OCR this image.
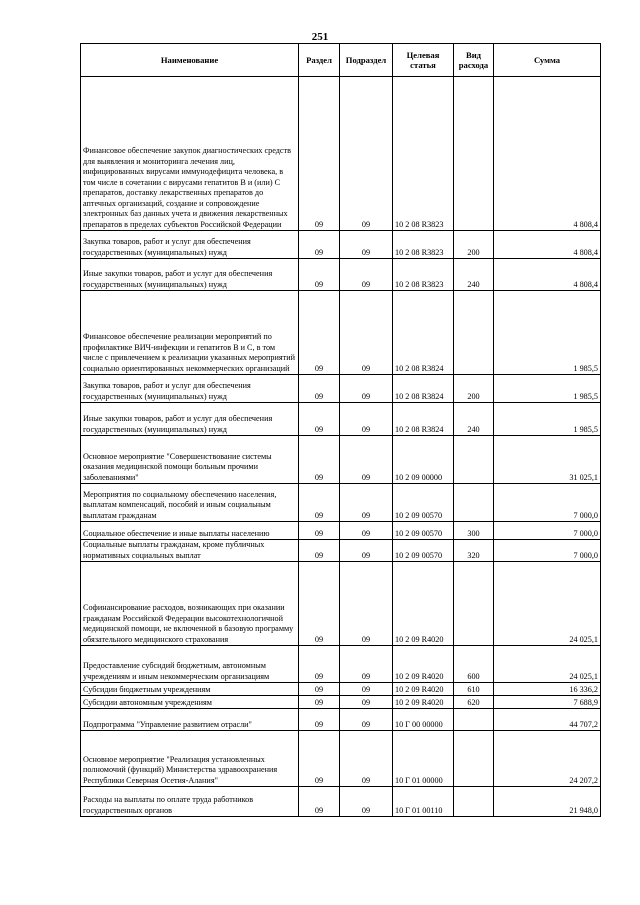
251
Наименование	Раздел	Подраздел	Целевая статья	Вид расхода	Сумма
Финансовое обеспечение закупок диагностических средств для выявления и мониторинга лечения лиц, инфицированных вирусами иммунодефицита человека, в том числе в сочетании с вирусами гепатитов В и (или) С препаратов, доставку лекарственных препаратов до аптечных организаций, создание и сопровождение электронных баз данных учета и движения лекарственных препаратов в пределах субъектов Российской Федерации	09	09	10 2 08 R3823		4 808,4
Закупка товаров, работ и услуг для обеспечения государственных (муниципальных) нужд	09	09	10 2 08 R3823	200	4 808,4
Иные закупки товаров, работ и услуг для обеспечения государственных (муниципальных) нужд	09	09	10 2 08 R3823	240	4 808,4
Финансовое обеспечение реализации мероприятий по профилактике ВИЧ-инфекции и гепатитов В и С, в том числе с привлечением к реализации указанных мероприятий социально ориентированных некоммерческих организаций	09	09	10 2 08 R3824		1 985,5
Закупка товаров, работ и услуг для обеспечения государственных (муниципальных) нужд	09	09	10 2 08 R3824	200	1 985,5
Иные закупки товаров, работ и услуг для обеспечения государственных (муниципальных) нужд	09	09	10 2 08 R3824	240	1 985,5
Основное мероприятие "Совершенствование системы оказания медицинской помощи больным прочими заболеваниями"	09	09	10 2 09 00000		31 025,1
Мероприятия по социальному обеспечению населения, выплатам компенсаций, пособий и иным социальным выплатам гражданам	09	09	10 2 09 00570		7 000,0
Социальное обеспечение и иные выплаты населению	09	09	10 2 09 00570	300	7 000,0
Социальные выплаты гражданам, кроме публичных нормативных социальных выплат	09	09	10 2 09 00570	320	7 000,0
Софинансирование расходов, возникающих при оказании гражданам Российской Федерации высокотехнологичной медицинской помощи, не включенной в базовую программу обязательного медицинского страхования	09	09	10 2 09 R4020		24 025,1
Предоставление субсидий бюджетным, автономным учреждениям и иным некоммерческим организациям	09	09	10 2 09 R4020	600	24 025,1
Субсидии бюджетным учреждениям	09	09	10 2 09 R4020	610	16 336,2
Субсидии автономным учреждениям	09	09	10 2 09 R4020	620	7 688,9
Подпрограмма "Управление развитием отрасли"	09	09	10 Г 00 00000		44 707,2
Основное мероприятие "Реализация установленных полномочий (функций) Министерства здравоохранения Республики Северная Осетия-Алания"	09	09	10 Г 01 00000		24 207,2
Расходы на выплаты по оплате труда работников государственных органов	09	09	10 Г 01 00110		21 948,0
